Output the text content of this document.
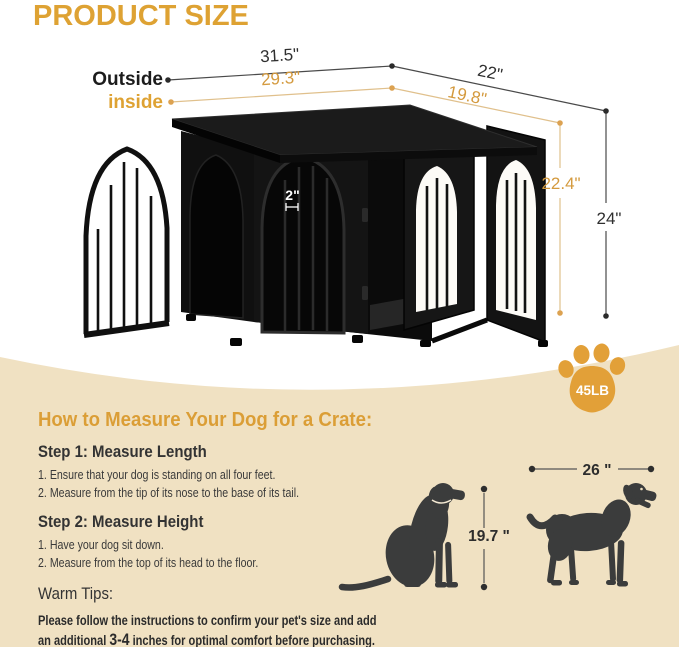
2"
31.5"
22"
24"
29.3"
19.8"
22.4"
45LB
19.7 "
26 "
PRODUCT SIZE
Outside
inside
How to Measure Your Dog for a Crate:
Step 1: Measure Length
1. Ensure that your dog is standing on all four feet.
2. Measure from the tip of its nose to the base of its tail.
Step 2: Measure Height
1. Have your dog sit down.
2. Measure from the top of its head to the floor.
Warm Tips:
Please follow the instructions to confirm your pet's size and add
an additional 3-4 inches for optimal comfort before purchasing.
